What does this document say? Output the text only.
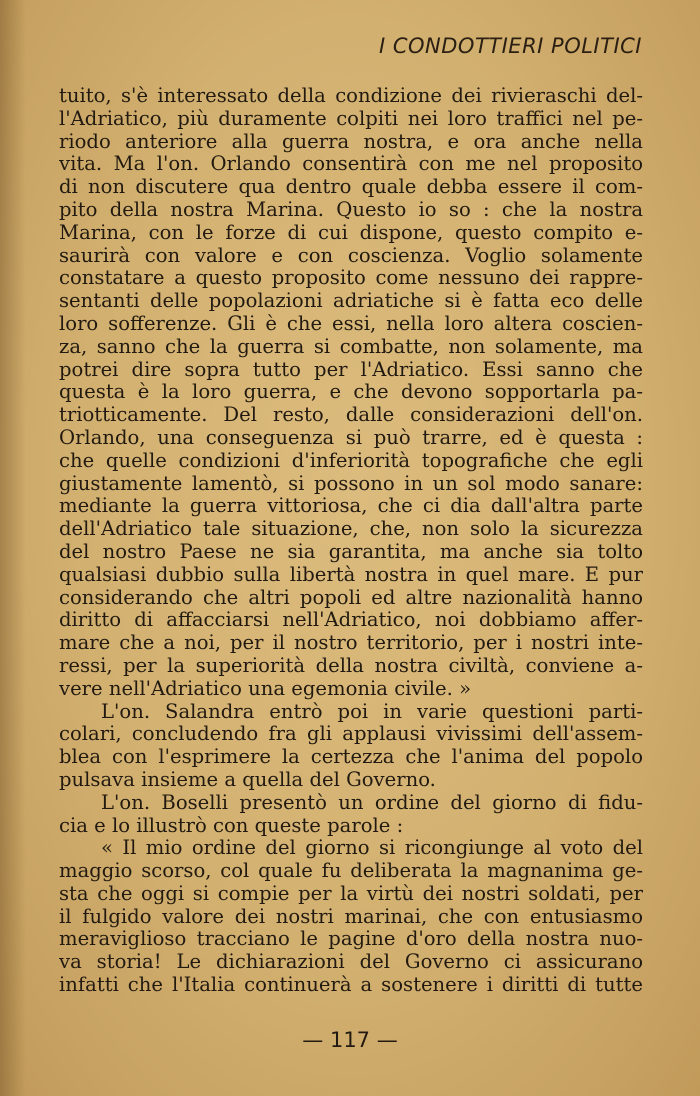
I CONDOTTIERI POLITICI
tuito, s'è interessato della condizione dei rivieraschi del-
l'Adriatico, più duramente colpiti nei loro traffici nel pe-
riodo anteriore alla guerra nostra, e ora anche nella
vita. Ma l'on. Orlando consentirà con me nel proposito
di non discutere qua dentro quale debba essere il com-
pito della nostra Marina. Questo io so : che la nostra
Marina, con le forze di cui dispone, questo compito e-
saurirà con valore e con coscienza. Voglio solamente
constatare a questo proposito come nessuno dei rappre-
sentanti delle popolazioni adriatiche si è fatta eco delle
loro sofferenze. Gli è che essi, nella loro altera coscien-
za, sanno che la guerra si combatte, non solamente, ma
potrei dire sopra tutto per l'Adriatico. Essi sanno che
questa è la loro guerra, e che devono sopportarla pa-
triotticamente. Del resto, dalle considerazioni dell'on.
Orlando, una conseguenza si può trarre, ed è questa :
che quelle condizioni d'inferiorità topografiche che egli
giustamente lamentò, si possono in un sol modo sanare:
mediante la guerra vittoriosa, che ci dia dall'altra parte
dell'Adriatico tale situazione, che, non solo la sicurezza
del nostro Paese ne sia garantita, ma anche sia tolto
qualsiasi dubbio sulla libertà nostra in quel mare. E pur
considerando che altri popoli ed altre nazionalità hanno
diritto di affacciarsi nell'Adriatico, noi dobbiamo affer-
mare che a noi, per il nostro territorio, per i nostri inte-
ressi, per la superiorità della nostra civiltà, conviene a-
vere nell'Adriatico una egemonia civile. »
L'on. Salandra entrò poi in varie questioni parti-
colari, concludendo fra gli applausi vivissimi dell'assem-
blea con l'esprimere la certezza che l'anima del popolo
pulsava insieme a quella del Governo.
L'on. Boselli presentò un ordine del giorno di fidu-
cia e lo illustrò con queste parole :
« Il mio ordine del giorno si ricongiunge al voto del
maggio scorso, col quale fu deliberata la magnanima ge-
sta che oggi si compie per la virtù dei nostri soldati, per
il fulgido valore dei nostri marinai, che con entusiasmo
meraviglioso tracciano le pagine d'oro della nostra nuo-
va storia! Le dichiarazioni del Governo ci assicurano
infatti che l'Italia continuerà a sostenere i diritti di tutte
— 117 —
